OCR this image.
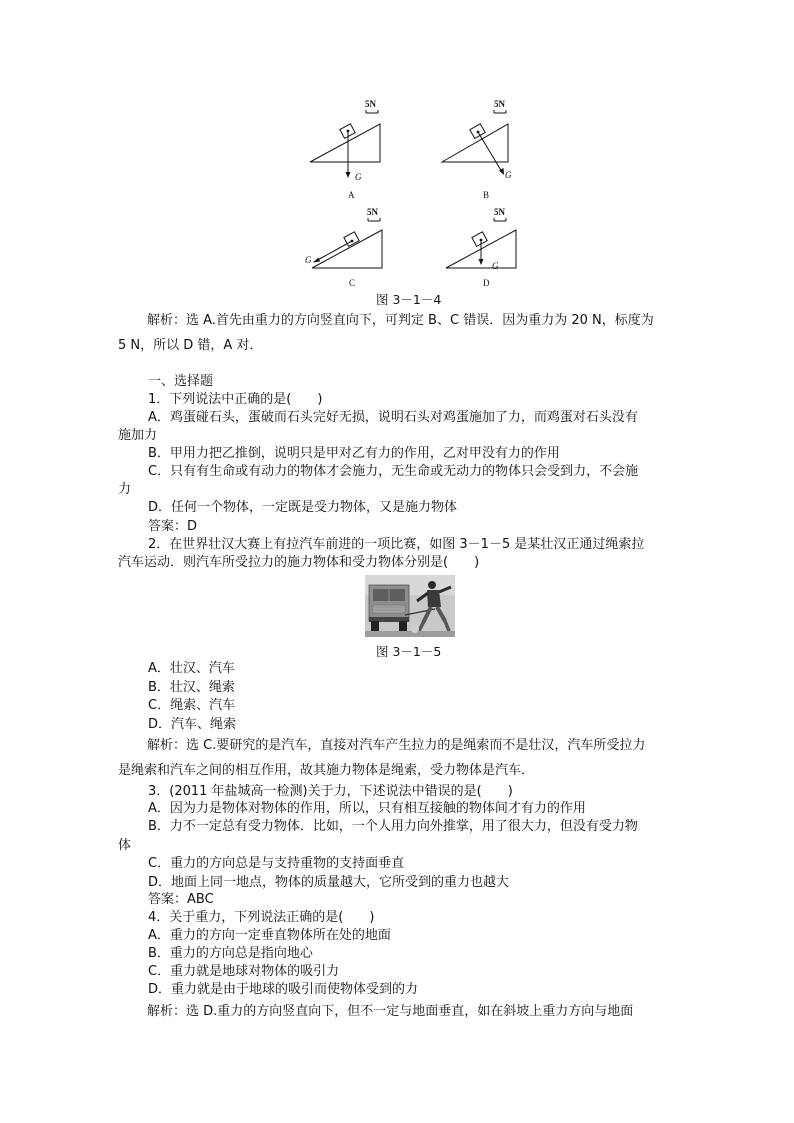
5N
G
A
5N
G
B
5N
G
C
5N
G
D
图 3－1－4
解析：选 A.首先由重力的方向竖直向下，可判定 B、C 错误．因为重力为 20 N，标度为
5 N，所以 D 错，A 对．
一、选择题
1．下列说法中正确的是(　　)
A．鸡蛋碰石头，蛋破而石头完好无损，说明石头对鸡蛋施加了力，而鸡蛋对石头没有
施加力
B．甲用力把乙推倒，说明只是甲对乙有力的作用，乙对甲没有力的作用
C．只有有生命或有动力的物体才会施力，无生命或无动力的物体只会受到力，不会施
力
D．任何一个物体，一定既是受力物体，又是施力物体
答案：D
2．在世界壮汉大赛上有拉汽车前进的一项比赛，如图 3－1－5 是某壮汉正通过绳索拉
汽车运动．则汽车所受拉力的施力物体和受力物体分别是(　　)
图 3－1－5
A．壮汉、汽车
B．壮汉、绳索
C．绳索、汽车
D．汽车、绳索
解析：选 C.要研究的是汽车，直接对汽车产生拉力的是绳索而不是壮汉，汽车所受拉力
是绳索和汽车之间的相互作用，故其施力物体是绳索，受力物体是汽车．
3．(2011 年盐城高一检测)关于力，下述说法中错误的是(　　)
A．因为力是物体对物体的作用，所以，只有相互接触的物体间才有力的作用
B．力不一定总有受力物体．比如，一个人用力向外推掌，用了很大力，但没有受力物
体
C．重力的方向总是与支持重物的支持面垂直
D．地面上同一地点，物体的质量越大，它所受到的重力也越大
答案：ABC
4．关于重力，下列说法正确的是(　　)
A．重力的方向一定垂直物体所在处的地面
B．重力的方向总是指向地心
C．重力就是地球对物体的吸引力
D．重力就是由于地球的吸引而使物体受到的力
解析：选 D.重力的方向竖直向下，但不一定与地面垂直，如在斜坡上重力方向与地面
